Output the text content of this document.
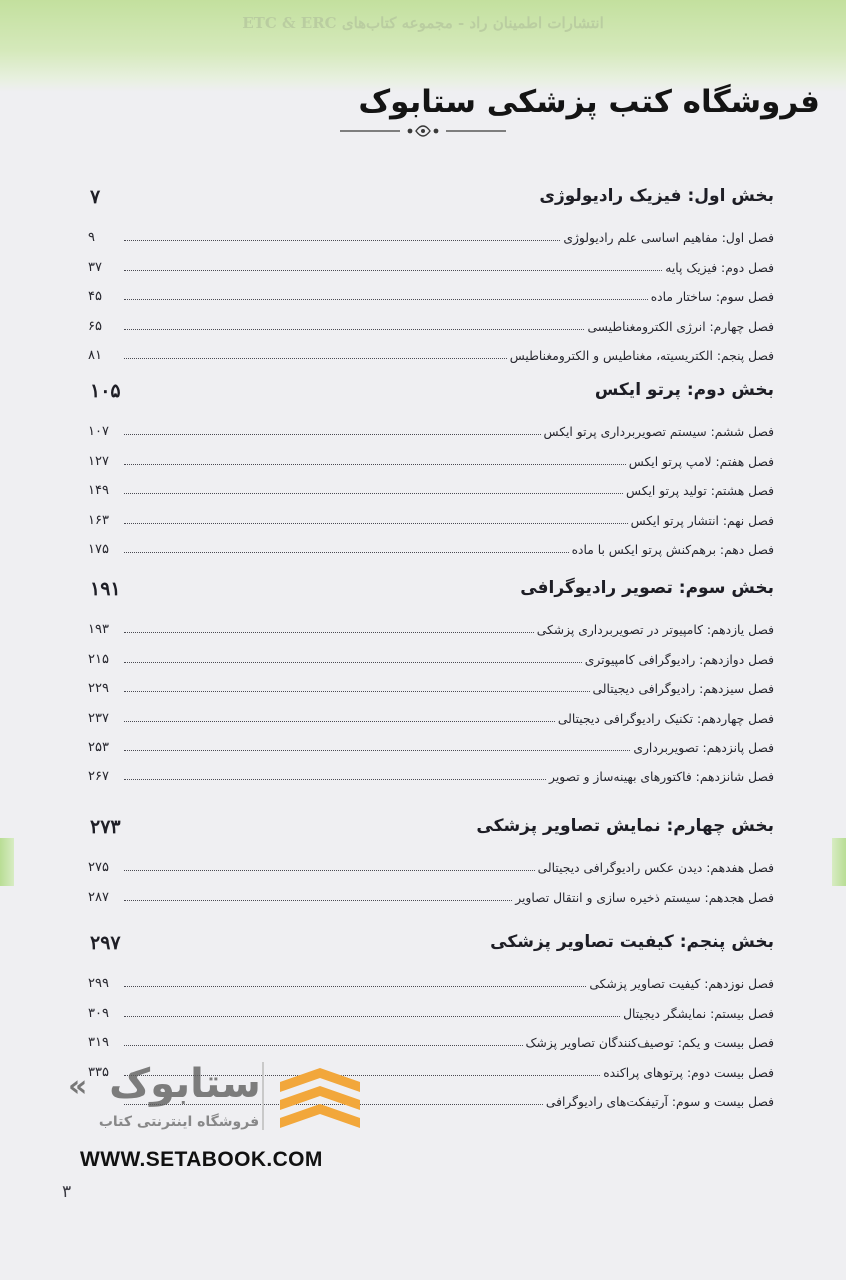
انتشارات اطمینان راد - مجموعه کتاب‌های ETC & ERC
فروشگاه کتب پزشکی ستابوک
بخش اول: فیزیک رادیولوژی
۷
فصل اول: مفاهیم اساسی علم رادیولوژی
۹
فصل دوم: فیزیک پایه
۳۷
فصل سوم: ساختار ماده
۴۵
فصل چهارم: انرژی الکترومغناطیسی
۶۵
فصل پنجم: الکتریسیته، مغناطیس و الکترومغناطیس
۸۱
بخش دوم: پرتو ایکس
۱۰۵
فصل ششم: سیستم تصویربرداری پرتو ایکس
۱۰۷
فصل هفتم: لامپ پرتو ایکس
۱۲۷
فصل هشتم: تولید پرتو ایکس
۱۴۹
فصل نهم: انتشار پرتو ایکس
۱۶۳
فصل دهم: برهم‌کنش پرتو ایکس با ماده
۱۷۵
بخش سوم: تصویر رادیوگرافی
۱۹۱
فصل یازدهم: کامپیوتر در تصویربرداری پزشکی
۱۹۳
فصل دوازدهم: رادیوگرافی کامپیوتری
۲۱۵
فصل سیزدهم: رادیوگرافی دیجیتالی
۲۲۹
فصل چهاردهم: تکنیک رادیوگرافی دیجیتالی
۲۳۷
فصل پانزدهم: تصویربرداری
۲۵۳
فصل شانزدهم: فاکتورهای بهینه‌ساز و تصویر
۲۶۷
بخش چهارم: نمایش تصاویر پزشکی
۲۷۳
فصل هفدهم: دیدن عکس رادیوگرافی دیجیتالی
۲۷۵
فصل هجدهم: سیستم ذخیره سازی و انتقال تصاویر
۲۸۷
بخش پنجم: کیفیت تصاویر پزشکی
۲۹۷
فصل نوزدهم: کیفیت تصاویر پزشکی
۲۹۹
فصل بیستم: نمایشگر دیجیتال
۳۰۹
فصل بیست و یکم: توصیف‌کنندگان تصاویر پزشک
۳۱۹
فصل بیست دوم: پرتوهای پراکنده
۳۳۵
فصل بیست و سوم: آرتیفکت‌های رادیوگرافی
« ستابوک
فروشگاه اینترنتی کتاب
WWW.SETABOOK.COM
۳
